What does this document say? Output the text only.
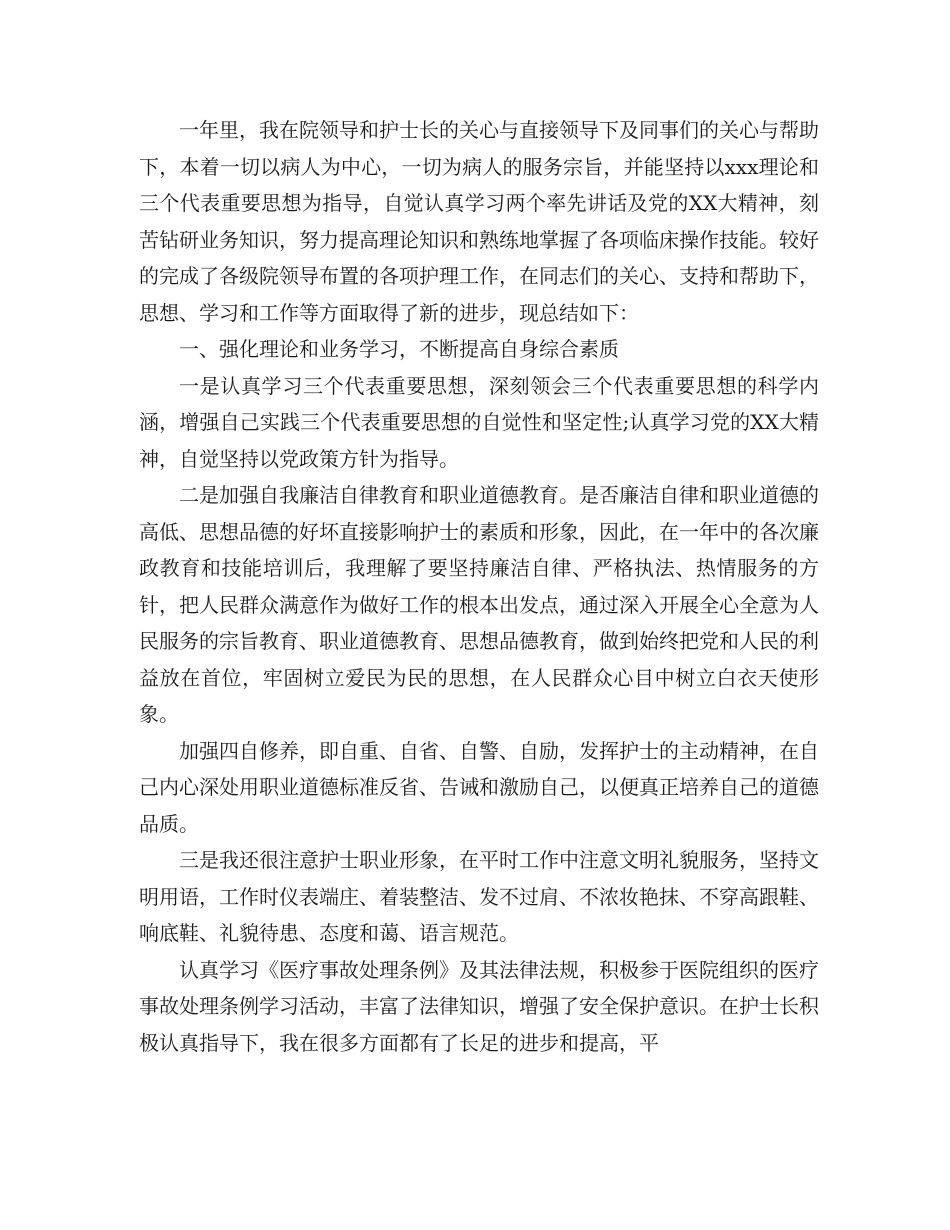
一年里，我在院领导和护士长的关心与直接领导下及同事们的关心与帮助下，本着一切以病人为中心，一切为病人的服务宗旨，并能坚持以xxx理论和三个代表重要思想为指导，自觉认真学习两个率先讲话及党的XX大精神，刻苦钻研业务知识，努力提高理论知识和熟练地掌握了各项临床操作技能。较好的完成了各级院领导布置的各项护理工作，在同志们的关心、支持和帮助下，思想、学习和工作等方面取得了新的进步，现总结如下：

一、强化理论和业务学习，不断提高自身综合素质

一是认真学习三个代表重要思想，深刻领会三个代表重要思想的科学内涵，增强自己实践三个代表重要思想的自觉性和坚定性;认真学习党的XX大精神，自觉坚持以党政策方针为指导。

二是加强自我廉洁自律教育和职业道德教育。是否廉洁自律和职业道德的高低、思想品德的好坏直接影响护士的素质和形象，因此，在一年中的各次廉政教育和技能培训后，我理解了要坚持廉洁自律、严格执法、热情服务的方针，把人民群众满意作为做好工作的根本出发点，通过深入开展全心全意为人民服务的宗旨教育、职业道德教育、思想品德教育，做到始终把党和人民的利益放在首位，牢固树立爱民为民的思想，在人民群众心目中树立白衣天使形象。

加强四自修养，即自重、自省、自警、自励，发挥护士的主动精神，在自己内心深处用职业道德标准反省、告诫和激励自己，以便真正培养自己的道德品质。

三是我还很注意护士职业形象，在平时工作中注意文明礼貌服务，坚持文明用语，工作时仪表端庄、着装整洁、发不过肩、不浓妆艳抹、不穿高跟鞋、响底鞋、礼貌待患、态度和蔼、语言规范。

认真学习《医疗事故处理条例》及其法律法规，积极参于医院组织的医疗事故处理条例学习活动，丰富了法律知识，增强了安全保护意识。在护士长积极认真指导下，我在很多方面都有了长足的进步和提高，平
